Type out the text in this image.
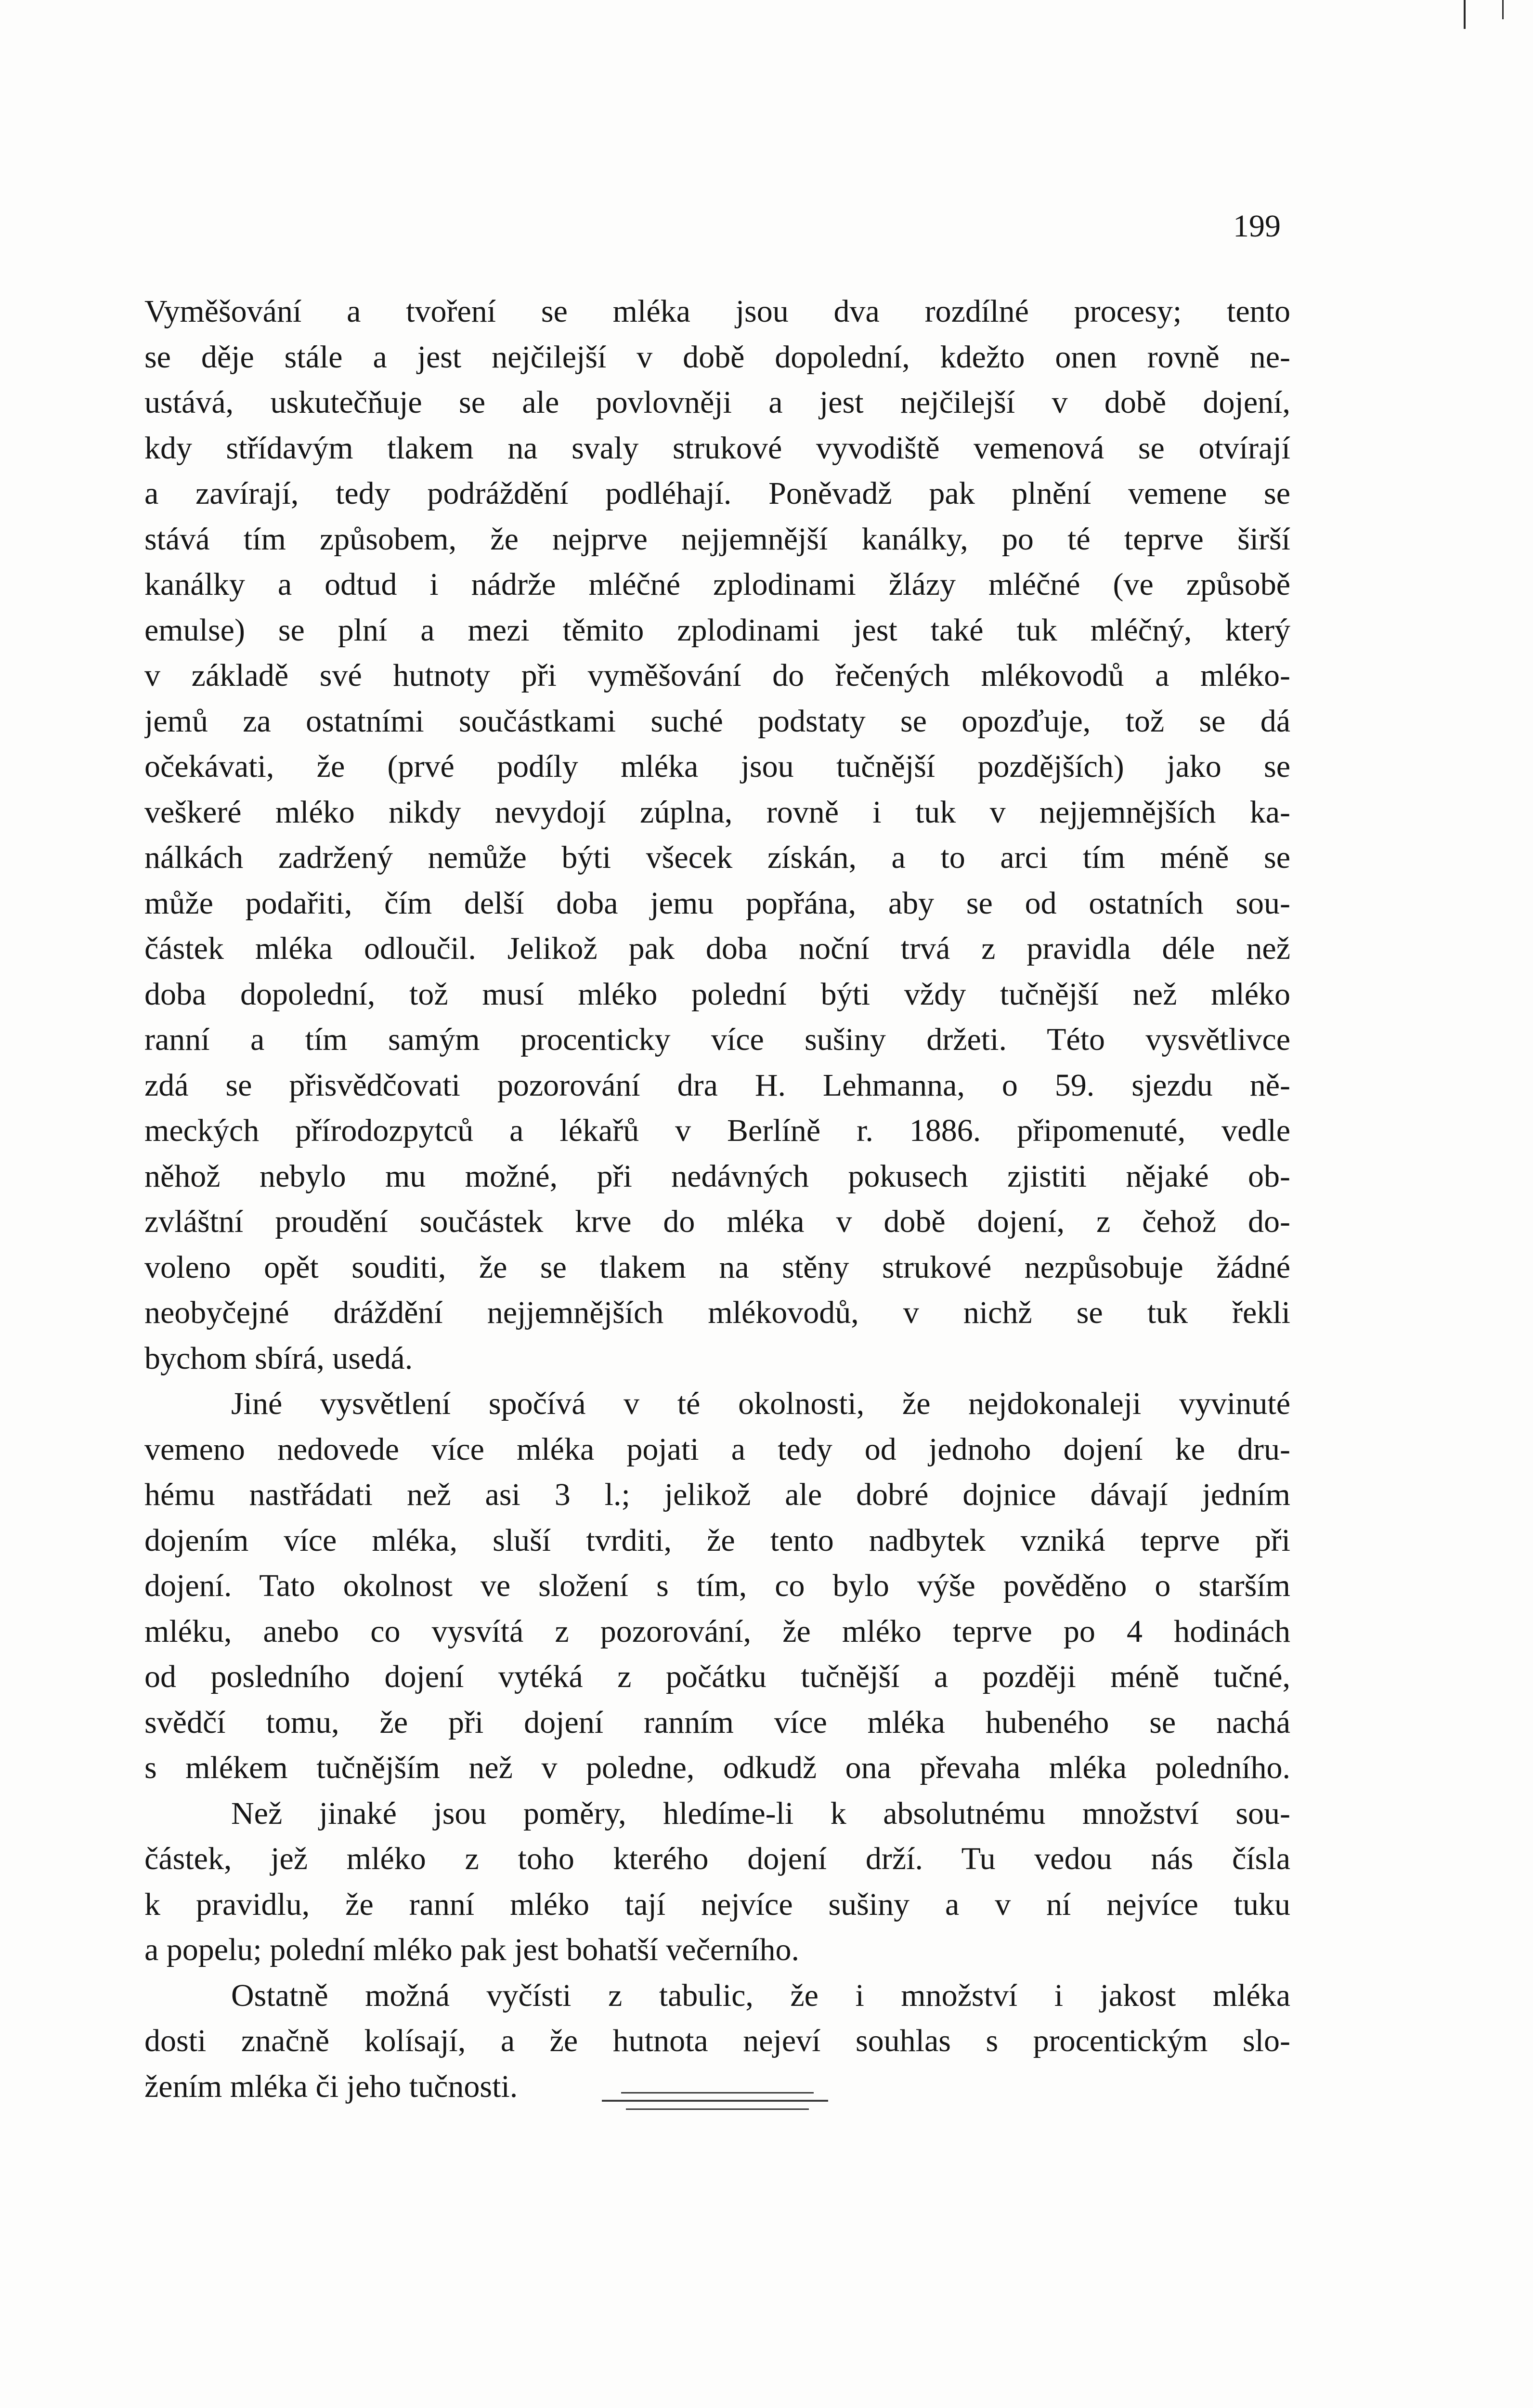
199

Vyměšování a tvoření se mléka jsou dva rozdílné procesy; tento
se děje stále a jest nejčilejší v době dopolední, kdežto onen rovně ne-
ustává, uskutečňuje se ale povlovněji a jest nejčilejší v době dojení,
kdy střídavým tlakem na svaly strukové vyvodiště vemenová se otvírají
a zavírají, tedy podráždění podléhají. Poněvadž pak plnění vemene se
stává tím způsobem, že nejprve nejjemnější kanálky, po té teprve širší
kanálky a odtud i nádrže mléčné zplodinami žlázy mléčné (ve způsobě
emulse) se plní a mezi těmito zplodinami jest také tuk mléčný, který
v základě své hutnoty při vyměšování do řečených mlékovodů a mléko-
jemů za ostatními součástkami suché podstaty se opozďuje, tož se dá
očekávati, že (prvé podíly mléka jsou tučnější pozdějších) jako se
veškeré mléko nikdy nevydojí zúplna, rovně i tuk v nejjemnějších ka-
nálkách zadržený nemůže býti všecek získán, a to arci tím méně se
může podařiti, čím delší doba jemu popřána, aby se od ostatních sou-
částek mléka odloučil. Jelikož pak doba noční trvá z pravidla déle než
doba dopolední, tož musí mléko polední býti vždy tučnější než mléko
ranní a tím samým procenticky více sušiny držeti. Této vysvětlivce
zdá se přisvědčovati pozorování dra H. Lehmanna, o 59. sjezdu ně-
meckých přírodozpytců a lékařů v Berlíně r. 1886. připomenuté, vedle
něhož nebylo mu možné, při nedávných pokusech zjistiti nějaké ob-
zvláštní proudění součástek krve do mléka v době dojení, z čehož do-
voleno opět souditi, že se tlakem na stěny strukové nezpůsobuje žádné
neobyčejné dráždění nejjemnějších mlékovodů, v nichž se tuk řekli
bychom sbírá, usedá.

Jiné vysvětlení spočívá v té okolnosti, že nejdokonaleji vyvinuté
vemeno nedovede více mléka pojati a tedy od jednoho dojení ke dru-
hému nastřádati než asi 3 l.; jelikož ale dobré dojnice dávají jedním
dojením více mléka, sluší tvrditi, že tento nadbytek vzniká teprve při
dojení. Tato okolnost ve složení s tím, co bylo výše pověděno o starším
mléku, anebo co vysvítá z pozorování, že mléko teprve po 4 hodinách
od posledního dojení vytéká z počátku tučnější a později méně tučné,
svědčí tomu, že při dojení ranním více mléka hubeného se nachá
s mlékem tučnějším než v poledne, odkudž ona převaha mléka poledního.

Než jinaké jsou poměry, hledíme-li k absolutnému množství sou-
částek, jež mléko z toho kterého dojení drží. Tu vedou nás čísla
k pravidlu, že ranní mléko tají nejvíce sušiny a v ní nejvíce tuku
a popelu; polední mléko pak jest bohatší večerního.

Ostatně možná vyčísti z tabulic, že i množství i jakost mléka
dosti značně kolísají, a že hutnota nejeví souhlas s procentickým slo-
žením mléka či jeho tučnosti.
